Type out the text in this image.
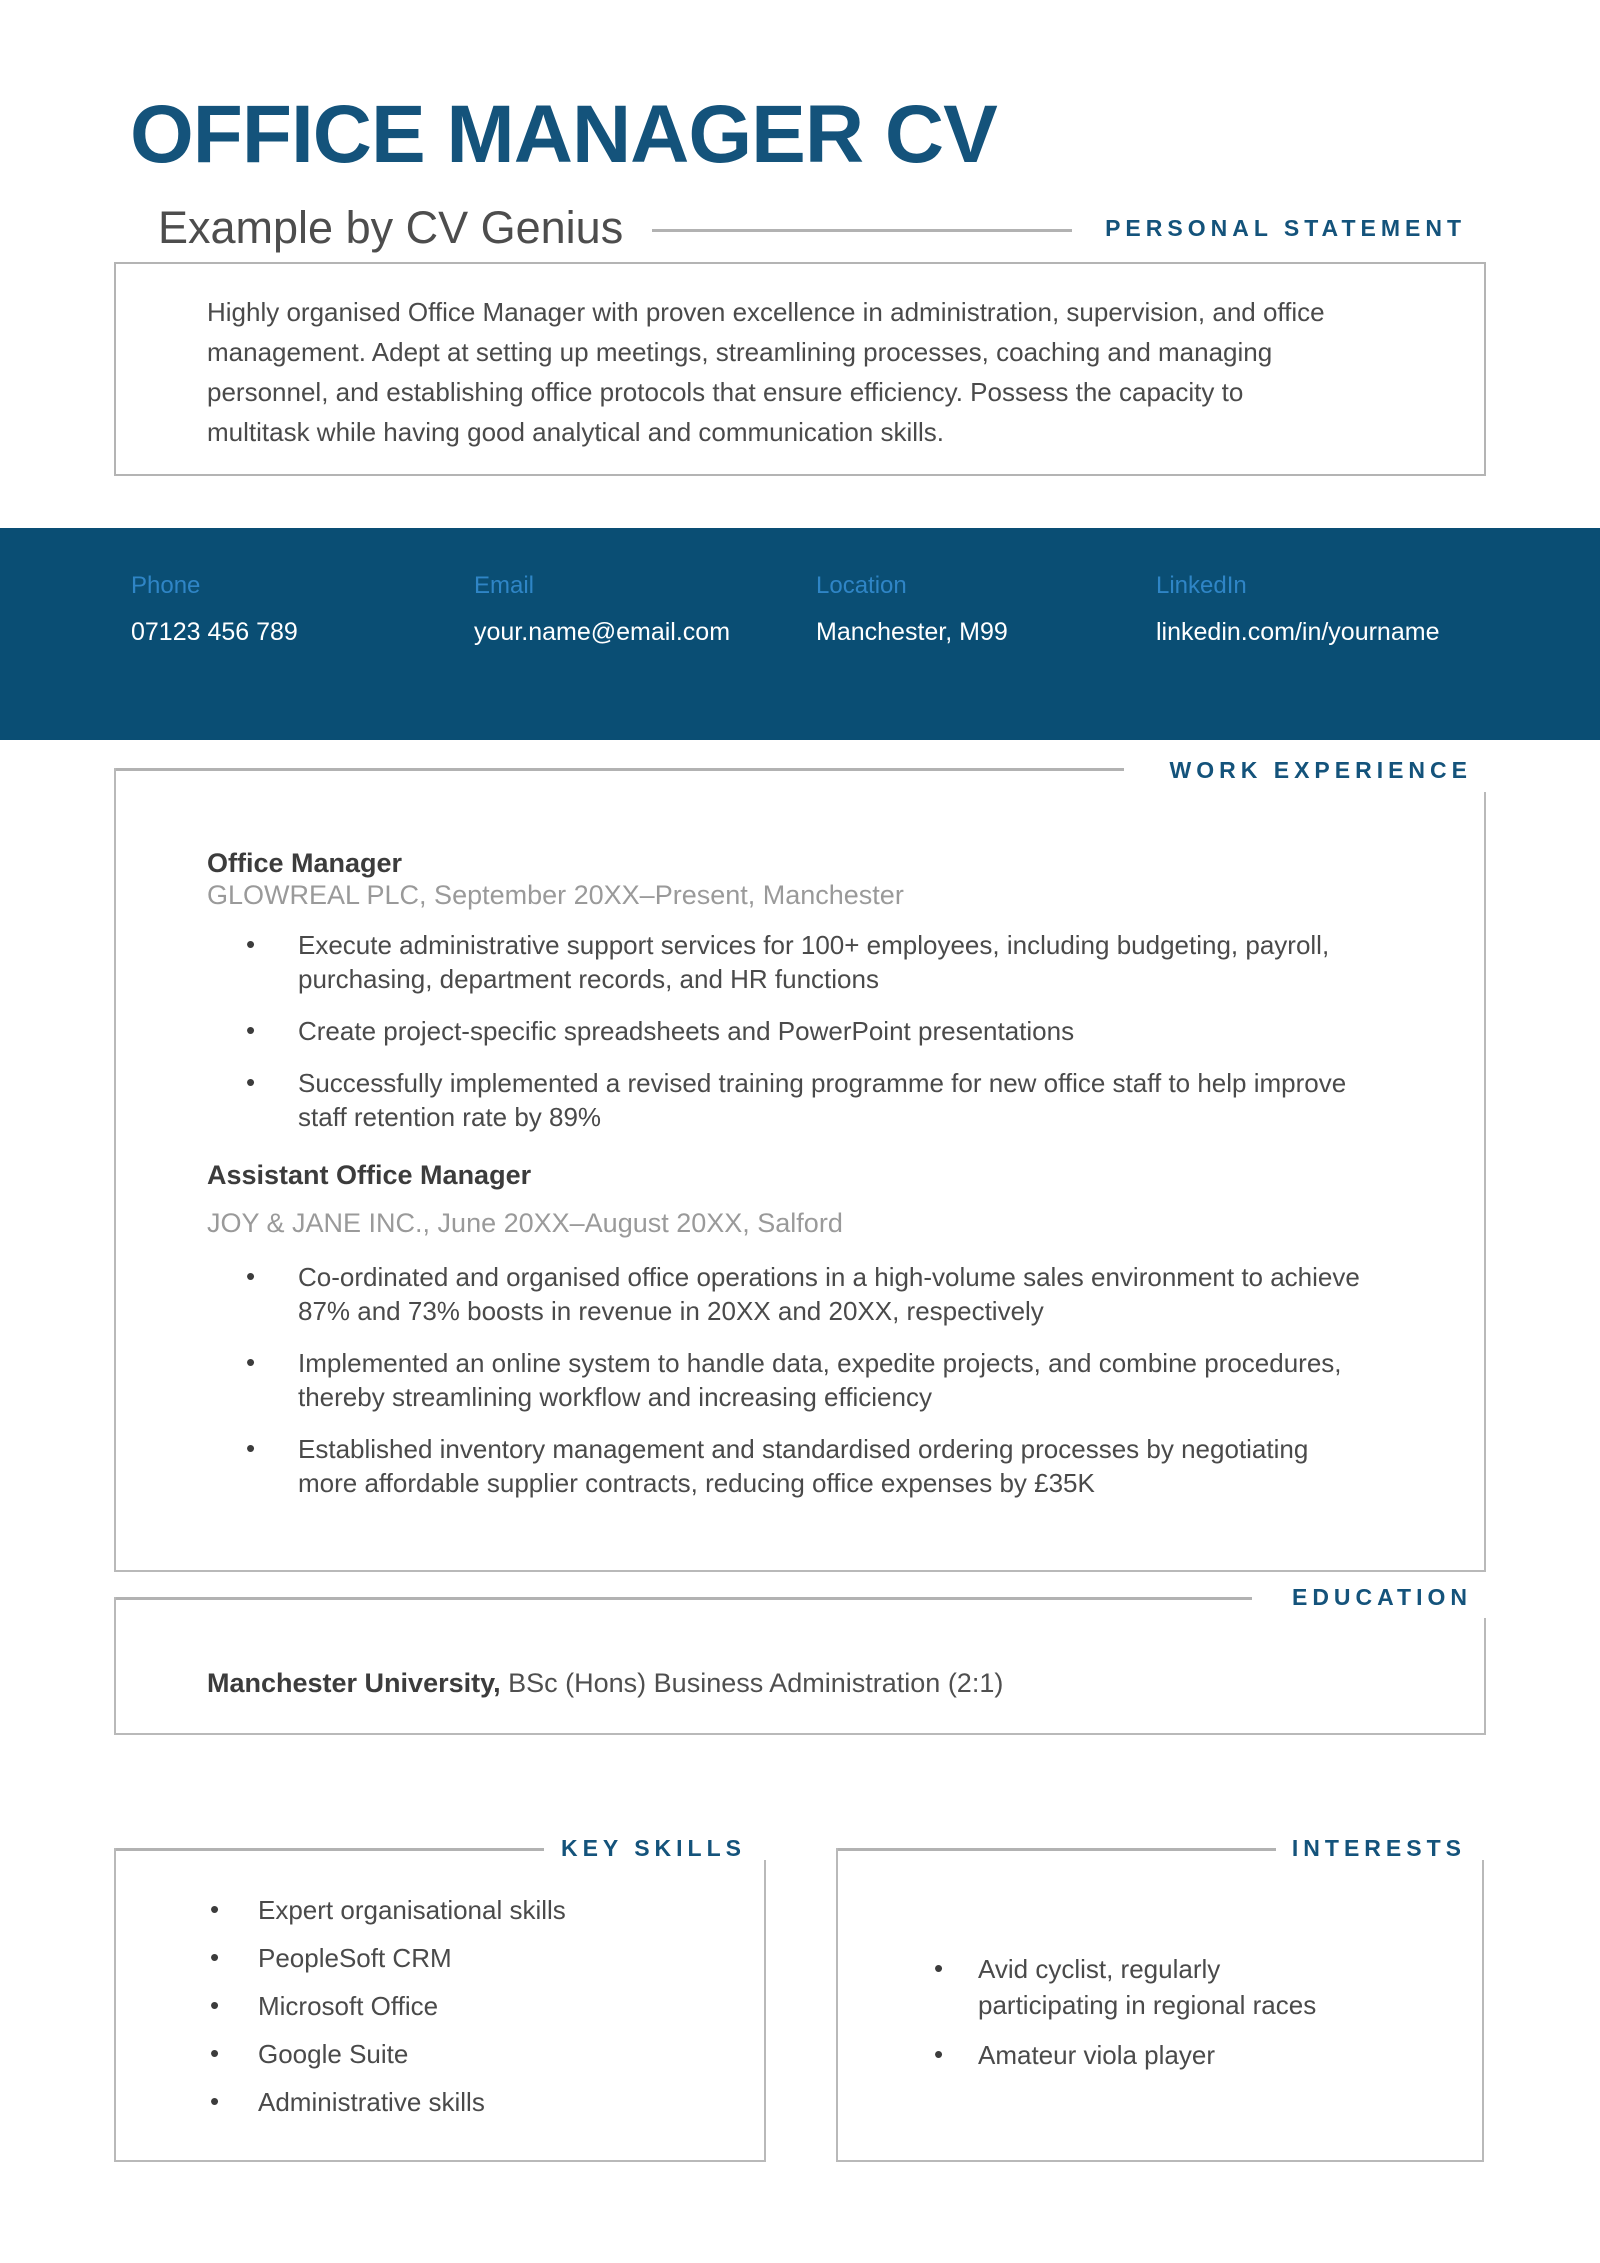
OFFICE MANAGER CV
Example by CV Genius	PERSONAL STATEMENT
Highly organised Office Manager with proven excellence in administration, supervision, and office management. Adept at setting up meetings, streamlining processes, coaching and managing personnel, and establishing office protocols that ensure efficiency. Possess the capacity to multitask while having good analytical and communication skills.
Phone
07123 456 789
Email
your.name@email.com
Location
Manchester, M99
LinkedIn
linkedin.com/in/yourname
WORK EXPERIENCE
Office Manager
GLOWREAL PLC, September 20XX–Present, Manchester
• Execute administrative support services for 100+ employees, including budgeting, payroll, purchasing, department records, and HR functions
• Create project-specific spreadsheets and PowerPoint presentations
• Successfully implemented a revised training programme for new office staff to help improve staff retention rate by 89%
Assistant Office Manager
JOY & JANE INC., June 20XX–August 20XX, Salford
• Co-ordinated and organised office operations in a high-volume sales environment to achieve 87% and 73% boosts in revenue in 20XX and 20XX, respectively
• Implemented an online system to handle data, expedite projects, and combine procedures, thereby streamlining workflow and increasing efficiency
• Established inventory management and standardised ordering processes by negotiating more affordable supplier contracts, reducing office expenses by £35K
EDUCATION
Manchester University, BSc (Hons) Business Administration (2:1)
KEY SKILLS
• Expert organisational skills
• PeopleSoft CRM
• Microsoft Office
• Google Suite
• Administrative skills
INTERESTS
• Avid cyclist, regularly participating in regional races
• Amateur viola player
